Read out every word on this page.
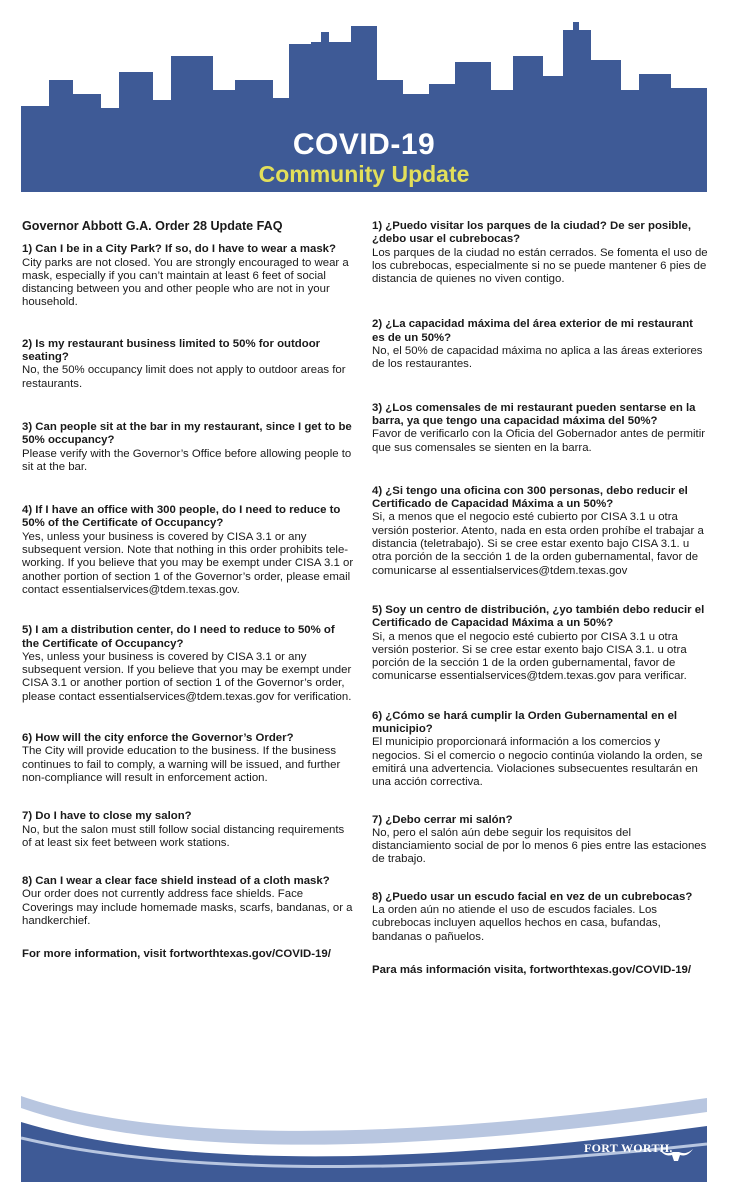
COVID-19
Community Update
Governor Abbott G.A. Order 28 Update FAQ
1) Can I be in a City Park? If so, do I have to wear a mask?
City parks are not closed. You are strongly encouraged to wear a mask, especially if you can’t maintain at least 6 feet of social distancing between you and other people who are not in your household.
2) Is my restaurant business limited to 50% for outdoor seating?
No, the 50% occupancy limit does not apply to outdoor areas for restaurants.
3) Can people sit at the bar in my restaurant, since I get to be 50% occupancy?
Please verify with the Governor’s Office before allowing people to sit at the bar.
4) If I have an office with 300 people, do I need to reduce to 50% of the Certificate of Occupancy?
Yes, unless your business is covered by CISA 3.1 or any subsequent version. Note that nothing in this order prohibits tele-working. If you believe that you may be exempt under CISA 3.1 or another portion of section 1 of the Governor’s order, please email contact essentialservices@tdem.texas.gov.
5) I am a distribution center, do I need to reduce to 50% of the Certificate of Occupancy?
Yes, unless your business is covered by CISA 3.1 or any subsequent version. If you believe that you may be exempt under CISA 3.1 or another portion of section 1 of the Governor’s order, please contact essentialservices@tdem.texas.gov for verification.
6) How will the city enforce the Governor’s Order?
The City will provide education to the business. If the business continues to fail to comply, a warning will be issued, and further non-compliance will result in enforcement action.
7) Do I have to close my salon?
No, but the salon must still follow social distancing requirements of at least six feet between work stations.
8) Can I wear a clear face shield instead of a cloth mask?
Our order does not currently address face shields. Face Coverings may include homemade masks, scarfs, bandanas, or a handkerchief.
For more information, visit fortworthtexas.gov/COVID-19/
1) ¿Puedo visitar los parques de la ciudad? De ser posible, ¿debo usar el cubrebocas?
Los parques de la ciudad no están cerrados. Se fomenta el uso de los cubrebocas, especialmente si no se puede mantener 6 pies de distancia de quienes no viven contigo.
2) ¿La capacidad máxima del área exterior de mi restaurant es de un 50%?
No, el 50% de capacidad máxima no aplica a las áreas exteriores de los restaurantes.
3) ¿Los comensales de mi restaurant pueden sentarse en la barra, ya que tengo una capacidad máxima del 50%?
Favor de verificarlo con la Oficia del Gobernador antes de permitir que sus comensales se sienten en la barra.
4) ¿Si tengo una oficina con 300 personas, debo reducir el Certificado de Capacidad Máxima a un 50%?
Si, a menos que el negocio esté cubierto por CISA 3.1 u otra versión posterior. Atento, nada en esta orden prohíbe el trabajar a distancia (teletrabajo). Si se cree estar exento bajo CISA 3.1. u otra porción de la sección 1 de la orden gubernamental, favor de comunicarse al essentialservices@tdem.texas.gov
5) Soy un centro de distribución, ¿yo también debo reducir el Certificado de Capacidad Máxima a un 50%?
Si, a menos que el negocio esté cubierto por CISA 3.1 u otra versión posterior. Si se cree estar exento bajo CISA 3.1. u otra porción de la sección 1 de la orden gubernamental, favor de comunicarse essentialservices@tdem.texas.gov para verificar.
6) ¿Cómo se hará cumplir la Orden Gubernamental en el municipio?
El municipio proporcionará información a los comercios y negocios. Si el comercio o negocio continúa violando la orden, se emitirá una advertencia. Violaciones subsecuentes resultarán en una acción correctiva.
7) ¿Debo cerrar mi salón?
No, pero el salón aún debe seguir los requisitos del distanciamiento social de por lo menos 6 pies entre las estaciones de trabajo.
8) ¿Puedo usar un escudo facial en vez de un cubrebocas?
La orden aún no atiende el uso de escudos faciales. Los cubrebocas incluyen aquellos hechos en casa, bufandas, bandanas o pañuelos.
Para más información visita, fortworthtexas.gov/COVID-19/
FORT WORTH.
